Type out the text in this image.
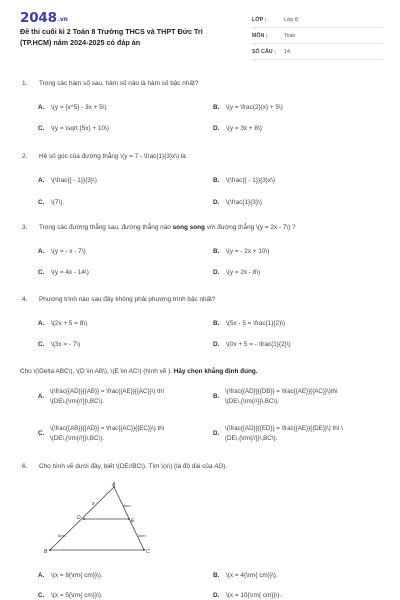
2048.vn
Đề thi cuối kì 2 Toán 8 Trường THCS và THPT Đức Trí
(TP.HCM) năm 2024-2025 có đáp án
LỚP :	Lớp 8
MÔN :	Toán
SỐ CÂU : 14
1. Trong các hàm số sau, hàm số nào là hàm số bậc nhất?
A. \(y = {x^5} - 3x + 5\)	B. \(y = \frac{2}{x} + 5\)
C. \(y = \sqrt {5x} + 10\)	D. \(y = 3x + 8\)
2. Hệ số góc của đường thẳng \(y = 7 - \frac{1}{3}x\) là
A. \(\frac{{ - 1}}{3}\)	B. \(\frac{{ - 1}}{3}x\)
C. \(7\).	D. \(\frac{1}{3}\)
3. Trong các đường thẳng sau, đường thẳng nào song song với đường thẳng \(y = 2x - 7\) ?
A. \(y = - x - 7\)	B. \(y = - 2x + 10\)
C. \(y = 4x - 14\)	D. \(y = 2x - 8\)
4. Phương trình nào sau đây không phải phương trình bậc nhất?
A. \(2x + 5 = 8\)	B. \(5x - 5 = \frac{1}{2}\)
C. \(3x = - 7\)	D. \(0x + 5 = - \frac{1}{2}\)
Cho \(\Delta ABC\), \(D \in AB\), \(E \in AC\) (hình vẽ ). Hãy chọn khẳng định đúng.
A.
\(\frac{{AD}}{{AB}} = \frac{{AE}}{{AC}}\) thì
\(DE\,{\rm{//}}\,BC\).
B.
\(\frac{{AD}}{{DB}} = \frac{{AE}}{{AC}}\)thì
\(DE\,{\rm{//}}\,BC\).
C.
\(\frac{{AB}}{{AD}} = \frac{{AC}}{{EC}}\) thì
\(DE\,{\rm{//}}\,BC\).
D.
\(\frac{{AD}}{{ED}} = \frac{{AE}}{{DE}}\) thì \
(DE\,{\rm{//}}\,BC\).
6. Cho hình vẽ dưới đây, biết \(DE//BC\). Tìm \(x\) (là độ dài của AD).
A
D	E
B	C
x	4cm
4cm
5cm
A. \(x = 8{\rm{ cm}}\).	B. \(x = 4{\rm{ cm}}\).
C. \(x = 5{\rm{ cm}}\).	D. \(x = 10{\rm{ cm}}\).
